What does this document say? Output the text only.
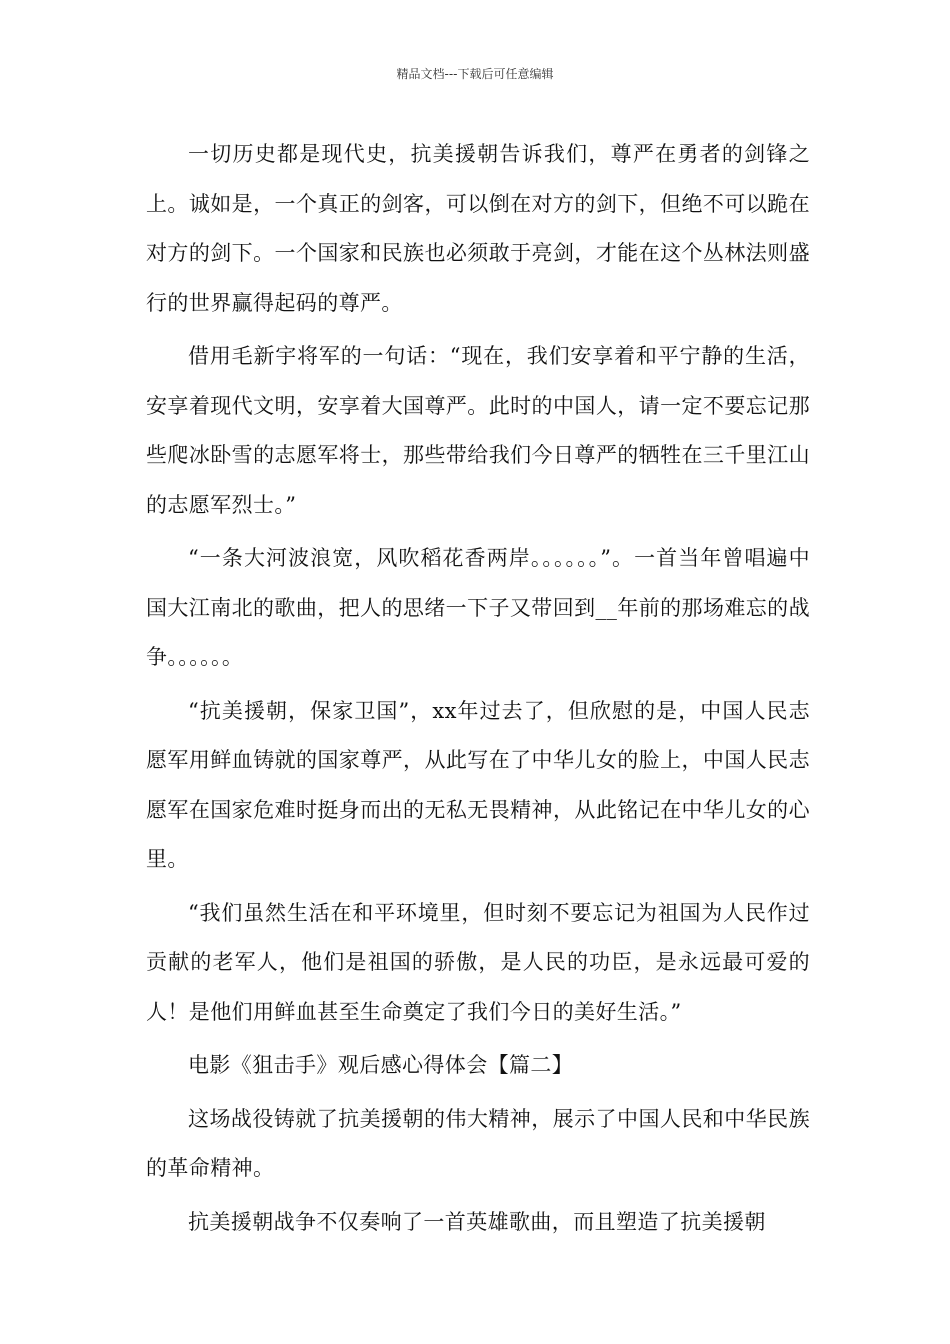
精品文档---下载后可任意编辑

一切历史都是现代史，抗美援朝告诉我们，尊严在勇者的剑锋之上。诚如是，一个真正的剑客，可以倒在对方的剑下，但绝不可以跪在对方的剑下。一个国家和民族也必须敢于亮剑，才能在这个丛林法则盛行的世界赢得起码的尊严。

借用毛新宇将军的一句话：“现在，我们安享着和平宁静的生活，安享着现代文明，安享着大国尊严。此时的中国人，请一定不要忘记那些爬冰卧雪的志愿军将士，那些带给我们今日尊严的牺牲在三千里江山的志愿军烈士。”

“一条大河波浪宽，风吹稻花香两岸。。。。。。”。一首当年曾唱遍中国大江南北的歌曲，把人的思绪一下子又带回到__年前的那场难忘的战争。。。。。。

“抗美援朝，保家卫国”，xx年过去了，但欣慰的是，中国人民志愿军用鲜血铸就的国家尊严，从此写在了中华儿女的脸上，中国人民志愿军在国家危难时挺身而出的无私无畏精神，从此铭记在中华儿女的心里。

“我们虽然生活在和平环境里，但时刻不要忘记为祖国为人民作过贡献的老军人，他们是祖国的骄傲，是人民的功臣，是永远最可爱的人！是他们用鲜血甚至生命奠定了我们今日的美好生活。”

电影《狙击手》观后感心得体会【篇二】

这场战役铸就了抗美援朝的伟大精神，展示了中国人民和中华民族的革命精神。

抗美援朝战争不仅奏响了一首英雄歌曲，而且塑造了抗美援朝
